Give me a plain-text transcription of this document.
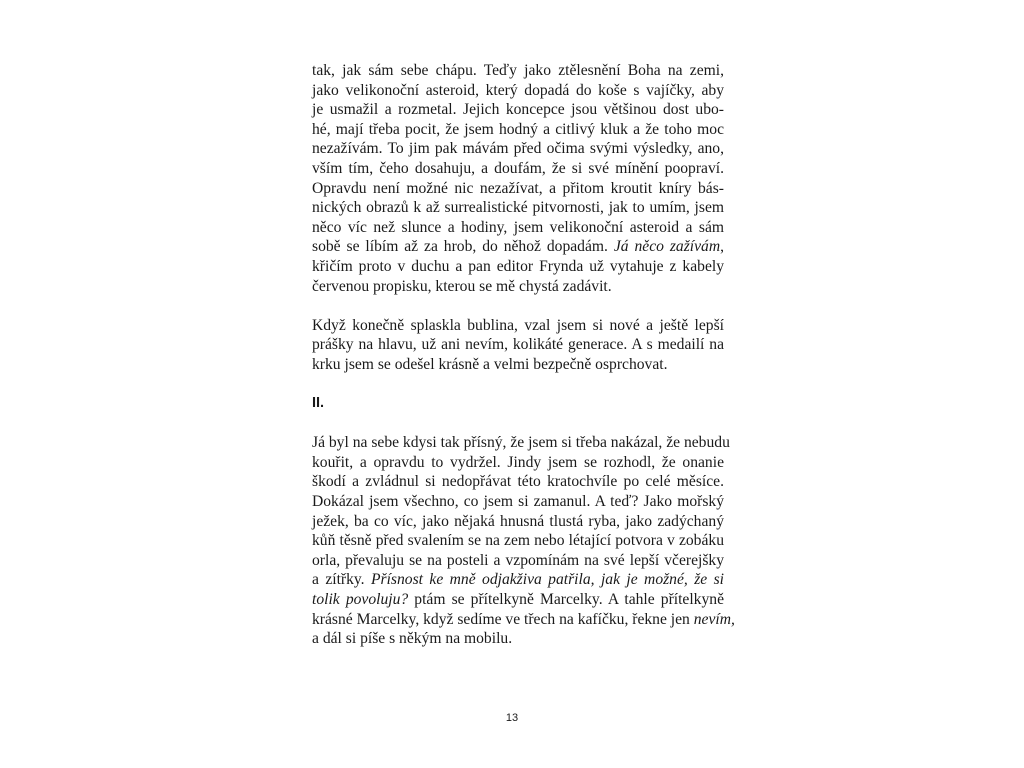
tak, jak sám sebe chápu. Teďy jako ztělesnění Boha na zemi,
jako velikonoční asteroid, který dopadá do koše s vajíčky, aby
je usmažil a rozmetal. Jejich koncepce jsou většinou dost ubo-
hé, mají třeba pocit, že jsem hodný a citlivý kluk a že toho moc
nezažívám. To jim pak mávám před očima svými výsledky, ano,
vším tím, čeho dosahuju, a doufám, že si své mínění poopraví.
Opravdu není možné nic nezažívat, a přitom kroutit kníry bás-
nických obrazů k až surrealistické pitvornosti, jak to umím, jsem
něco víc než slunce a hodiny, jsem velikonoční asteroid a sám
sobě se líbím až za hrob, do něhož dopadám. Já něco zažívám,
křičím proto v duchu a pan editor Frynda už vytahuje z kabely
červenou propisku, kterou se mě chystá zadávit.
Když konečně splaskla bublina, vzal jsem si nové a ještě lepší
prášky na hlavu, už ani nevím, kolikáté generace. A s medailí na
krku jsem se odešel krásně a velmi bezpečně osprchovat.
II.
Já byl na sebe kdysi tak přísný, že jsem si třeba nakázal, že nebudu
kouřit, a opravdu to vydržel. Jindy jsem se rozhodl, že onanie
škodí a zvládnul si nedopřávat této kratochvíle po celé měsíce.
Dokázal jsem všechno, co jsem si zamanul. A teď? Jako mořský
ježek, ba co víc, jako nějaká hnusná tlustá ryba, jako zadýchaný
kůň těsně před svalením se na zem nebo létající potvora v zobáku
orla, převaluju se na posteli a vzpomínám na své lepší včerejšky
a zítřky. Přísnost ke mně odjakživa patřila, jak je možné, že si
tolik povoluju? ptám se přítelkyně Marcelky. A tahle přítelkyně
krásné Marcelky, když sedíme ve třech na kafíčku, řekne jen nevím,
a dál si píše s někým na mobilu.
13
